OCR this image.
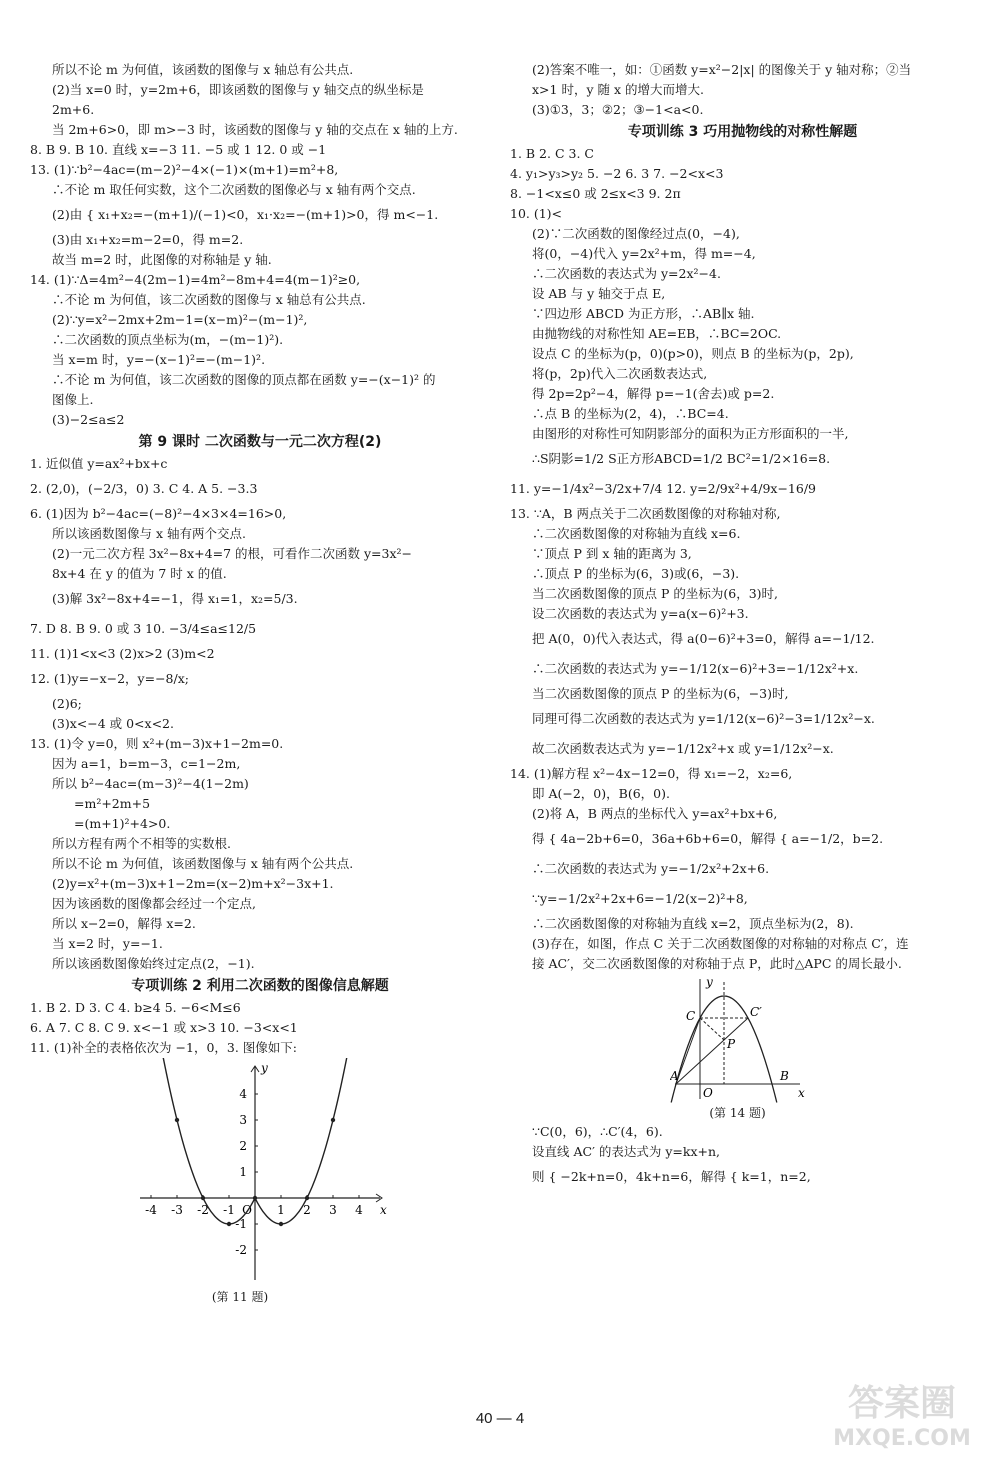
所以不论 m 为何值，该函数的图像与 x 轴总有公共点.
(2)当 x=0 时，y=2m+6，即该函数的图像与 y 轴交点的纵坐标是
2m+6.
当 2m+6>0，即 m>−3 时，该函数的图像与 y 轴的交点在 x 轴的上方.
8. B 9. B 10. 直线 x=−3 11. −5 或 1 12. 0 或 −1
13. (1)∵b²−4ac=(m−2)²−4×(−1)×(m+1)=m²+8,
∴不论 m 取任何实数，这个二次函数的图像必与 x 轴有两个交点.
(2)由 { x₁+x₂=−(m+1)/(−1)<0，x₁·x₂=−(m+1)>0，得 m<−1.
(3)由 x₁+x₂=m−2=0，得 m=2.
故当 m=2 时，此图像的对称轴是 y 轴.
14. (1)∵Δ=4m²−4(2m−1)=4m²−8m+4=4(m−1)²≥0,
∴不论 m 为何值，该二次函数的图像与 x 轴总有公共点.
(2)∵y=x²−2mx+2m−1=(x−m)²−(m−1)²,
∴二次函数的顶点坐标为(m，−(m−1)²).
当 x=m 时，y=−(x−1)²=−(m−1)².
∴不论 m 为何值，该二次函数的图像的顶点都在函数 y=−(x−1)² 的
图像上.
(3)−2≤a≤2
第 9 课时 二次函数与一元二次方程(2)
1. 近似值 y=ax²+bx+c
2. (2,0)，(−2/3，0) 3. C 4. A 5. −3.3
6. (1)因为 b²−4ac=(−8)²−4×3×4=16>0,
所以该函数图像与 x 轴有两个交点.
(2)一元二次方程 3x²−8x+4=7 的根，可看作二次函数 y=3x²−
8x+4 在 y 的值为 7 时 x 的值.
(3)解 3x²−8x+4=−1，得 x₁=1，x₂=5/3.
7. D 8. B 9. 0 或 3 10. −3/4≤a≤12/5
11. (1)1<x<3 (2)x>2 (3)m<2
12. (1)y=−x−2，y=−8/x;
(2)6;
(3)x<−4 或 0<x<2.
13. (1)令 y=0，则 x²+(m−3)x+1−2m=0.
因为 a=1，b=m−3，c=1−2m,
所以 b²−4ac=(m−3)²−4(1−2m)
=m²+2m+5
=(m+1)²+4>0.
所以方程有两个不相等的实数根.
所以不论 m 为何值，该函数图像与 x 轴有两个公共点.
(2)y=x²+(m−3)x+1−2m=(x−2)m+x²−3x+1.
因为该函数的图像都会经过一个定点,
所以 x−2=0，解得 x=2.
当 x=2 时，y=−1.
所以该函数图像始终过定点(2，−1).
专项训练 2 利用二次函数的图像信息解题
1. B 2. D 3. C 4. b≥4 5. −6<M≤6
6. A 7. C 8. C 9. x<−1 或 x>3 10. −3<x<1
11. (1)补全的表格依次为 −1，0，3. 图像如下:
-4 -3 -2 -1 O 1 2 3 4
4
3
2
1
-1
-2
x
y
(第 11 题)
(2)答案不唯一，如：①函数 y=x²−2|x| 的图像关于 y 轴对称；②当
x>1 时，y 随 x 的增大而增大.
(3)①3，3；②2；③−1<a<0.
专项训练 3 巧用抛物线的对称性解题
1. B 2. C 3. C
4. y₁>y₃>y₂ 5. −2 6. 3 7. −2<x<3
8. −1<x≤0 或 2≤x<3 9. 2π
10. (1)<
(2)∵二次函数的图像经过点(0，−4),
将(0，−4)代入 y=2x²+m，得 m=−4,
∴二次函数的表达式为 y=2x²−4.
设 AB 与 y 轴交于点 E,
∵四边形 ABCD 为正方形，∴AB∥x 轴.
由抛物线的对称性知 AE=EB，∴BC=2OC.
设点 C 的坐标为(p，0)(p>0)，则点 B 的坐标为(p，2p),
将(p，2p)代入二次函数表达式,
得 2p=2p²−4，解得 p=−1(舍去)或 p=2.
∴点 B 的坐标为(2，4)，∴BC=4.
由图形的对称性可知阴影部分的面积为正方形面积的一半,
∴S阴影=1/2 S正方形ABCD=1/2 BC²=1/2×16=8.
11. y=−1/4x²−3/2x+7/4 12. y=2/9x²+4/9x−16/9
13. ∵A，B 两点关于二次函数图像的对称轴对称,
∴二次函数图像的对称轴为直线 x=6.
∵顶点 P 到 x 轴的距离为 3,
∴顶点 P 的坐标为(6，3)或(6，−3).
当二次函数图像的顶点 P 的坐标为(6，3)时,
设二次函数的表达式为 y=a(x−6)²+3.
把 A(0，0)代入表达式，得 a(0−6)²+3=0，解得 a=−1/12.
∴二次函数的表达式为 y=−1/12(x−6)²+3=−1/12x²+x.
当二次函数图像的顶点 P 的坐标为(6，−3)时,
同理可得二次函数的表达式为 y=1/12(x−6)²−3=1/12x²−x.
故二次函数表达式为 y=−1/12x²+x 或 y=1/12x²−x.
14. (1)解方程 x²−4x−12=0，得 x₁=−2，x₂=6,
即 A(−2，0)，B(6，0).
(2)将 A，B 两点的坐标代入 y=ax²+bx+6,
得 { 4a−2b+6=0，36a+6b+6=0，解得 { a=−1/2，b=2.
∴二次函数的表达式为 y=−1/2x²+2x+6.
∵y=−1/2x²+2x+6=−1/2(x−2)²+8,
∴二次函数图像的对称轴为直线 x=2，顶点坐标为(2，8).
(3)存在，如图，作点 C 关于二次函数图像的对称轴的对称点 C′，连
接 AC′，交二次函数图像的对称轴于点 P，此时△APC 的周长最小.
y
C	C′
P
A
O
B
x
(第 14 题)
∵C(0，6)，∴C′(4，6).
设直线 AC′ 的表达式为 y=kx+n,
则 { −2k+n=0，4k+n=6，解得 { k=1，n=2,
40 — 4	答案圈
MXQE.COM
